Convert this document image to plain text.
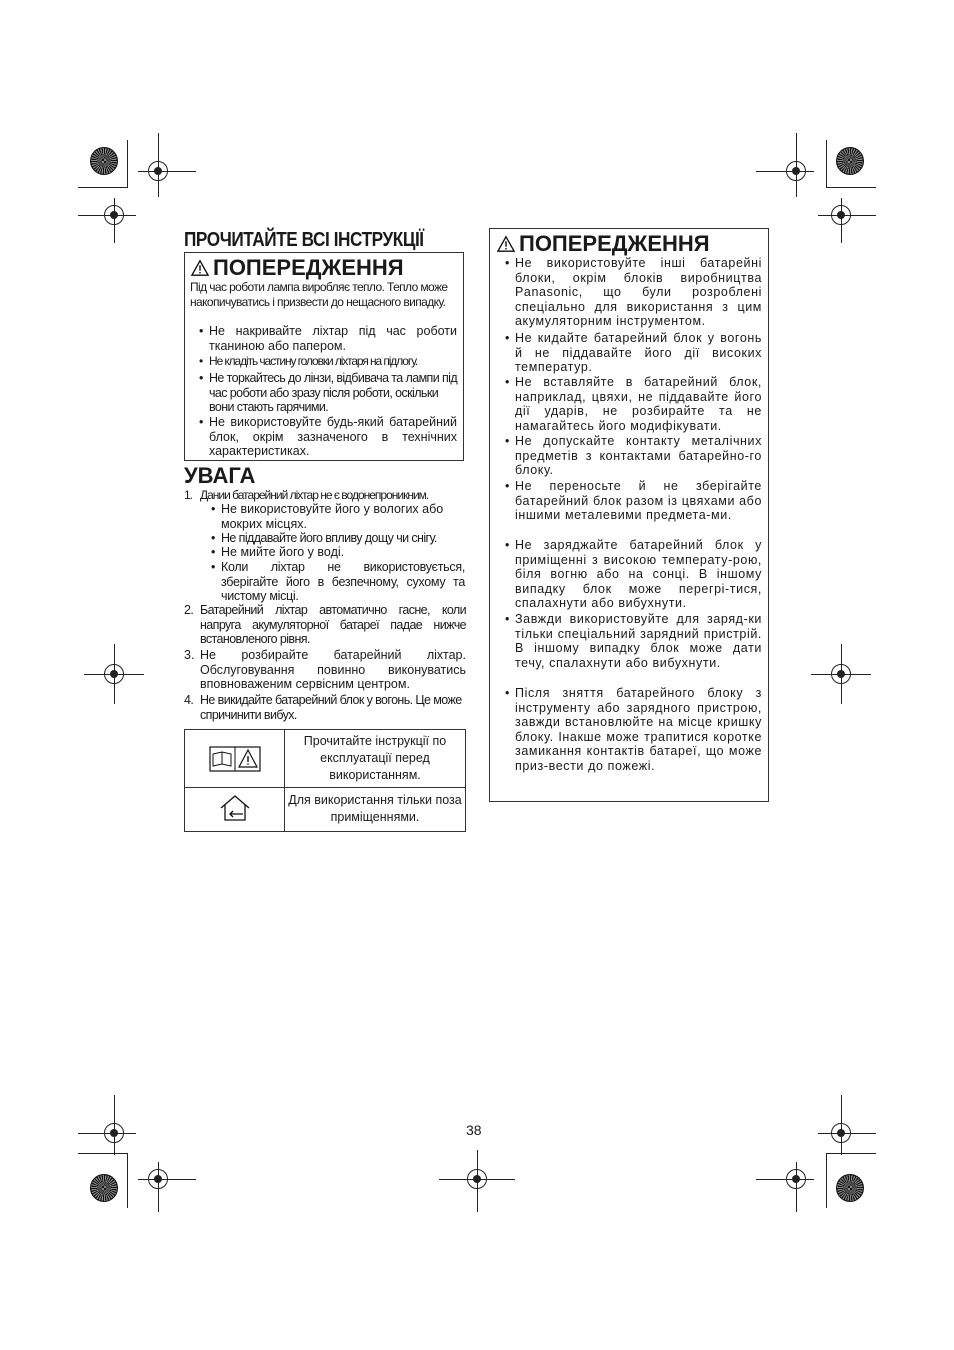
ПРОЧИТАЙТЕ ВСІ ІНСТРУКЦІЇ
ПОПЕРЕДЖЕННЯ
Під час роботи лампа виробляє тепло. Тепло може накопичуватись і призвести до нещасного випадку.
• Не накривайте ліхтар під час роботи тканиною або папером.
• Не кладіть частину головки ліхтаря на підлогу.
• Не торкайтесь до лінзи, відбивача та лампи під час роботи або зразу після роботи, оскільки вони стають гарячими.
• Не використовуйте будь-який батарейний блок, окрім зазначеного в технічних характеристиках.
УВАГА
1. Дании батарейний ліхтар не є водонепроникним.
• Не використовуйте його у вологих або мокрих місцях.
• Не піддавайте його впливу дощу чи снігу.
• Не мийте його у воді.
• Коли ліхтар не використовується, зберігайте його в безпечному, сухому та чистому місці.
2. Батарейний ліхтар автоматично гасне, коли напруга акумуляторної батареї падае нижче встановленого рівня.
3. Не розбирайте батарейний ліхтар. Обслуговування повинно виконуватись вповноваженим сервісним центром.
4. Не викидайте батарейний блок у вогонь. Це може спричинити вибух.
Прочитайте інструкції по експлуатації перед використанням.
Для використання тільки поза приміщеннями.
ПОПЕРЕДЖЕННЯ
• Не використовуйте інші батарейні блоки, окрім блоків виробництва Panasonic, що були розроблені спеціально для використання з цим акумуляторним інструментом.
• Не кидайте батарейний блок у вогонь й не піддавайте його дії високих температур.
• Не вставляйте в батарейний блок, наприклад, цвяхи, не піддавайте його дії ударів, не розбирайте та не намагайтесь його модифікувати.
• Не допускайте контакту металічних предметів з контактами батарейно-го блоку.
• Не переносьте й не зберігайте батарейний блок разом із цвяхами або іншими металевими предмета-ми.
• Не заряджайте батарейний блок у приміщенні з високою температу-рою, біля вогню або на сонці. В іншому випадку блок може перегрі-тися, спалахнути або вибухнути.
• Завжди використовуйте для заряд-ки тільки спеціальний зарядний пристрій. В іншому випадку блок може дати течу, спалахнути або вибухнути.
• Після зняття батарейного блоку з інструменту або зарядного пристрою, завжди встановлюйте на місце кришку блоку. Інакше може трапитися коротке замикання контактів батареї, що може приз-вести до пожежі.
38
